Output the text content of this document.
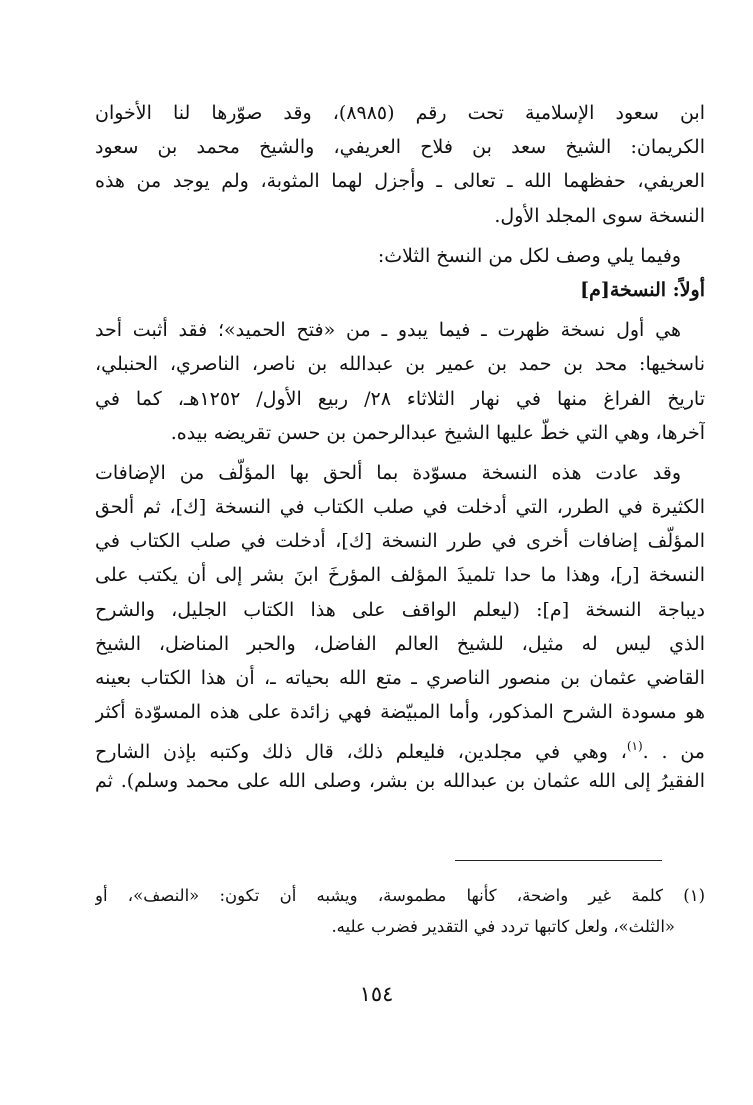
ابن سعود الإسلامية تحت رقم (٨٩٨٥)، وقد صوّرها لنا الأخوان
الكريمان: الشيخ سعد بن فلاح العريفي، والشيخ محمد بن سعود
العريفي، حفظهما الله ـ تعالى ـ وأجزل لهما المثوبة، ولم يوجد من هذه
النسخة سوى المجلد الأول.
وفيما يلي وصف لكل من النسخ الثلاث:
أولاً: النسخة[م]
هي أول نسخة ظهرت ـ فيما يبدو ـ من «فتح الحميد»؛ فقد أثبت أحد
ناسخيها: محد بن حمد بن عمير بن عبدالله بن ناصر، الناصري، الحنبلي،
تاريخ الفراغ منها في نهار الثلاثاء ٢٨/ ربيع الأول/ ١٢٥٢هـ، كما في
آخرها، وهي التي خطّ عليها الشيخ عبدالرحمن بن حسن تقريضه بيده.
وقد عادت هذه النسخة مسوّدة بما ألحق بها المؤلّف من الإضافات
الكثيرة في الطرر، التي أدخلت في صلب الكتاب في النسخة [ك]، ثم ألحق
المؤلّف إضافات أخرى في طرر النسخة [ك]، أدخلت في صلب الكتاب في
النسخة [ر]، وهذا ما حدا تلميذَ المؤلف المؤرخَ ابنَ بشر إلى أن يكتب على
ديباجة النسخة [م]: (ليعلم الواقف على هذا الكتاب الجليل، والشرح
الذي ليس له مثيل، للشيخ العالم الفاضل، والحبر المناضل، الشيخ
القاضي عثمان بن منصور الناصري ـ متع الله بحياته ـ، أن هذا الكتاب بعينه
هو مسودة الشرح المذكور، وأما المبيّضة فهي زائدة على هذه المسوّدة أكثر
من . .$^{(١)}$، وهي في مجلدين، فليعلم ذلك، قال ذلك وكتبه بإذن الشارح
الفقيرُ إلى الله عثمان بن عبدالله بن بشر، وصلى الله على محمد وسلم). ثم
(١) كلمة غير واضحة، كأنها مطموسة، ويشبه أن تكون: «النصف»، أو
«الثلث»، ولعل كاتبها تردد في التقدير فضرب عليه.
١٥٤
